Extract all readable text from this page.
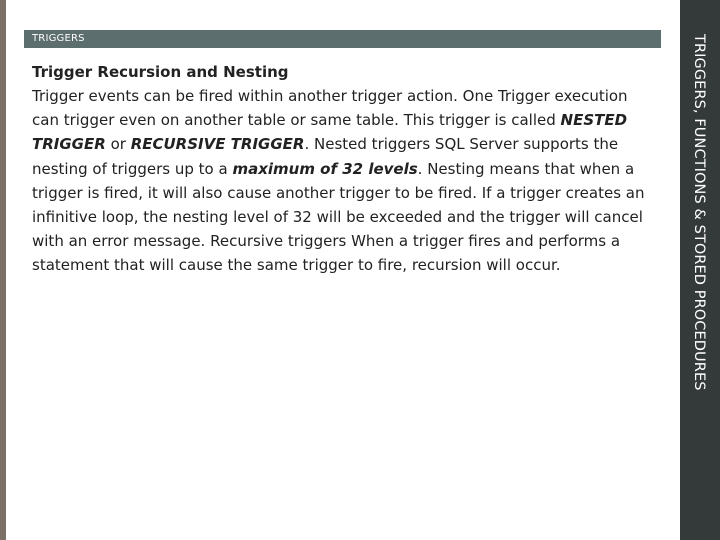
TRIGGERS

Trigger Recursion and Nesting

Trigger events can be fired within another trigger action. One Trigger execution can trigger even on another table or same table. This trigger is called NESTED TRIGGER or RECURSIVE TRIGGER. Nested triggers SQL Server supports the nesting of triggers up to a maximum of 32 levels. Nesting means that when a trigger is fired, it will also cause another trigger to be fired. If a trigger creates an infinitive loop, the nesting level of 32 will be exceeded and the trigger will cancel with an error message. Recursive triggers When a trigger fires and performs a statement that will cause the same trigger to fire, recursion will occur.	TRIGGERS, FUNCTIONS & STORED PROCEDURES
